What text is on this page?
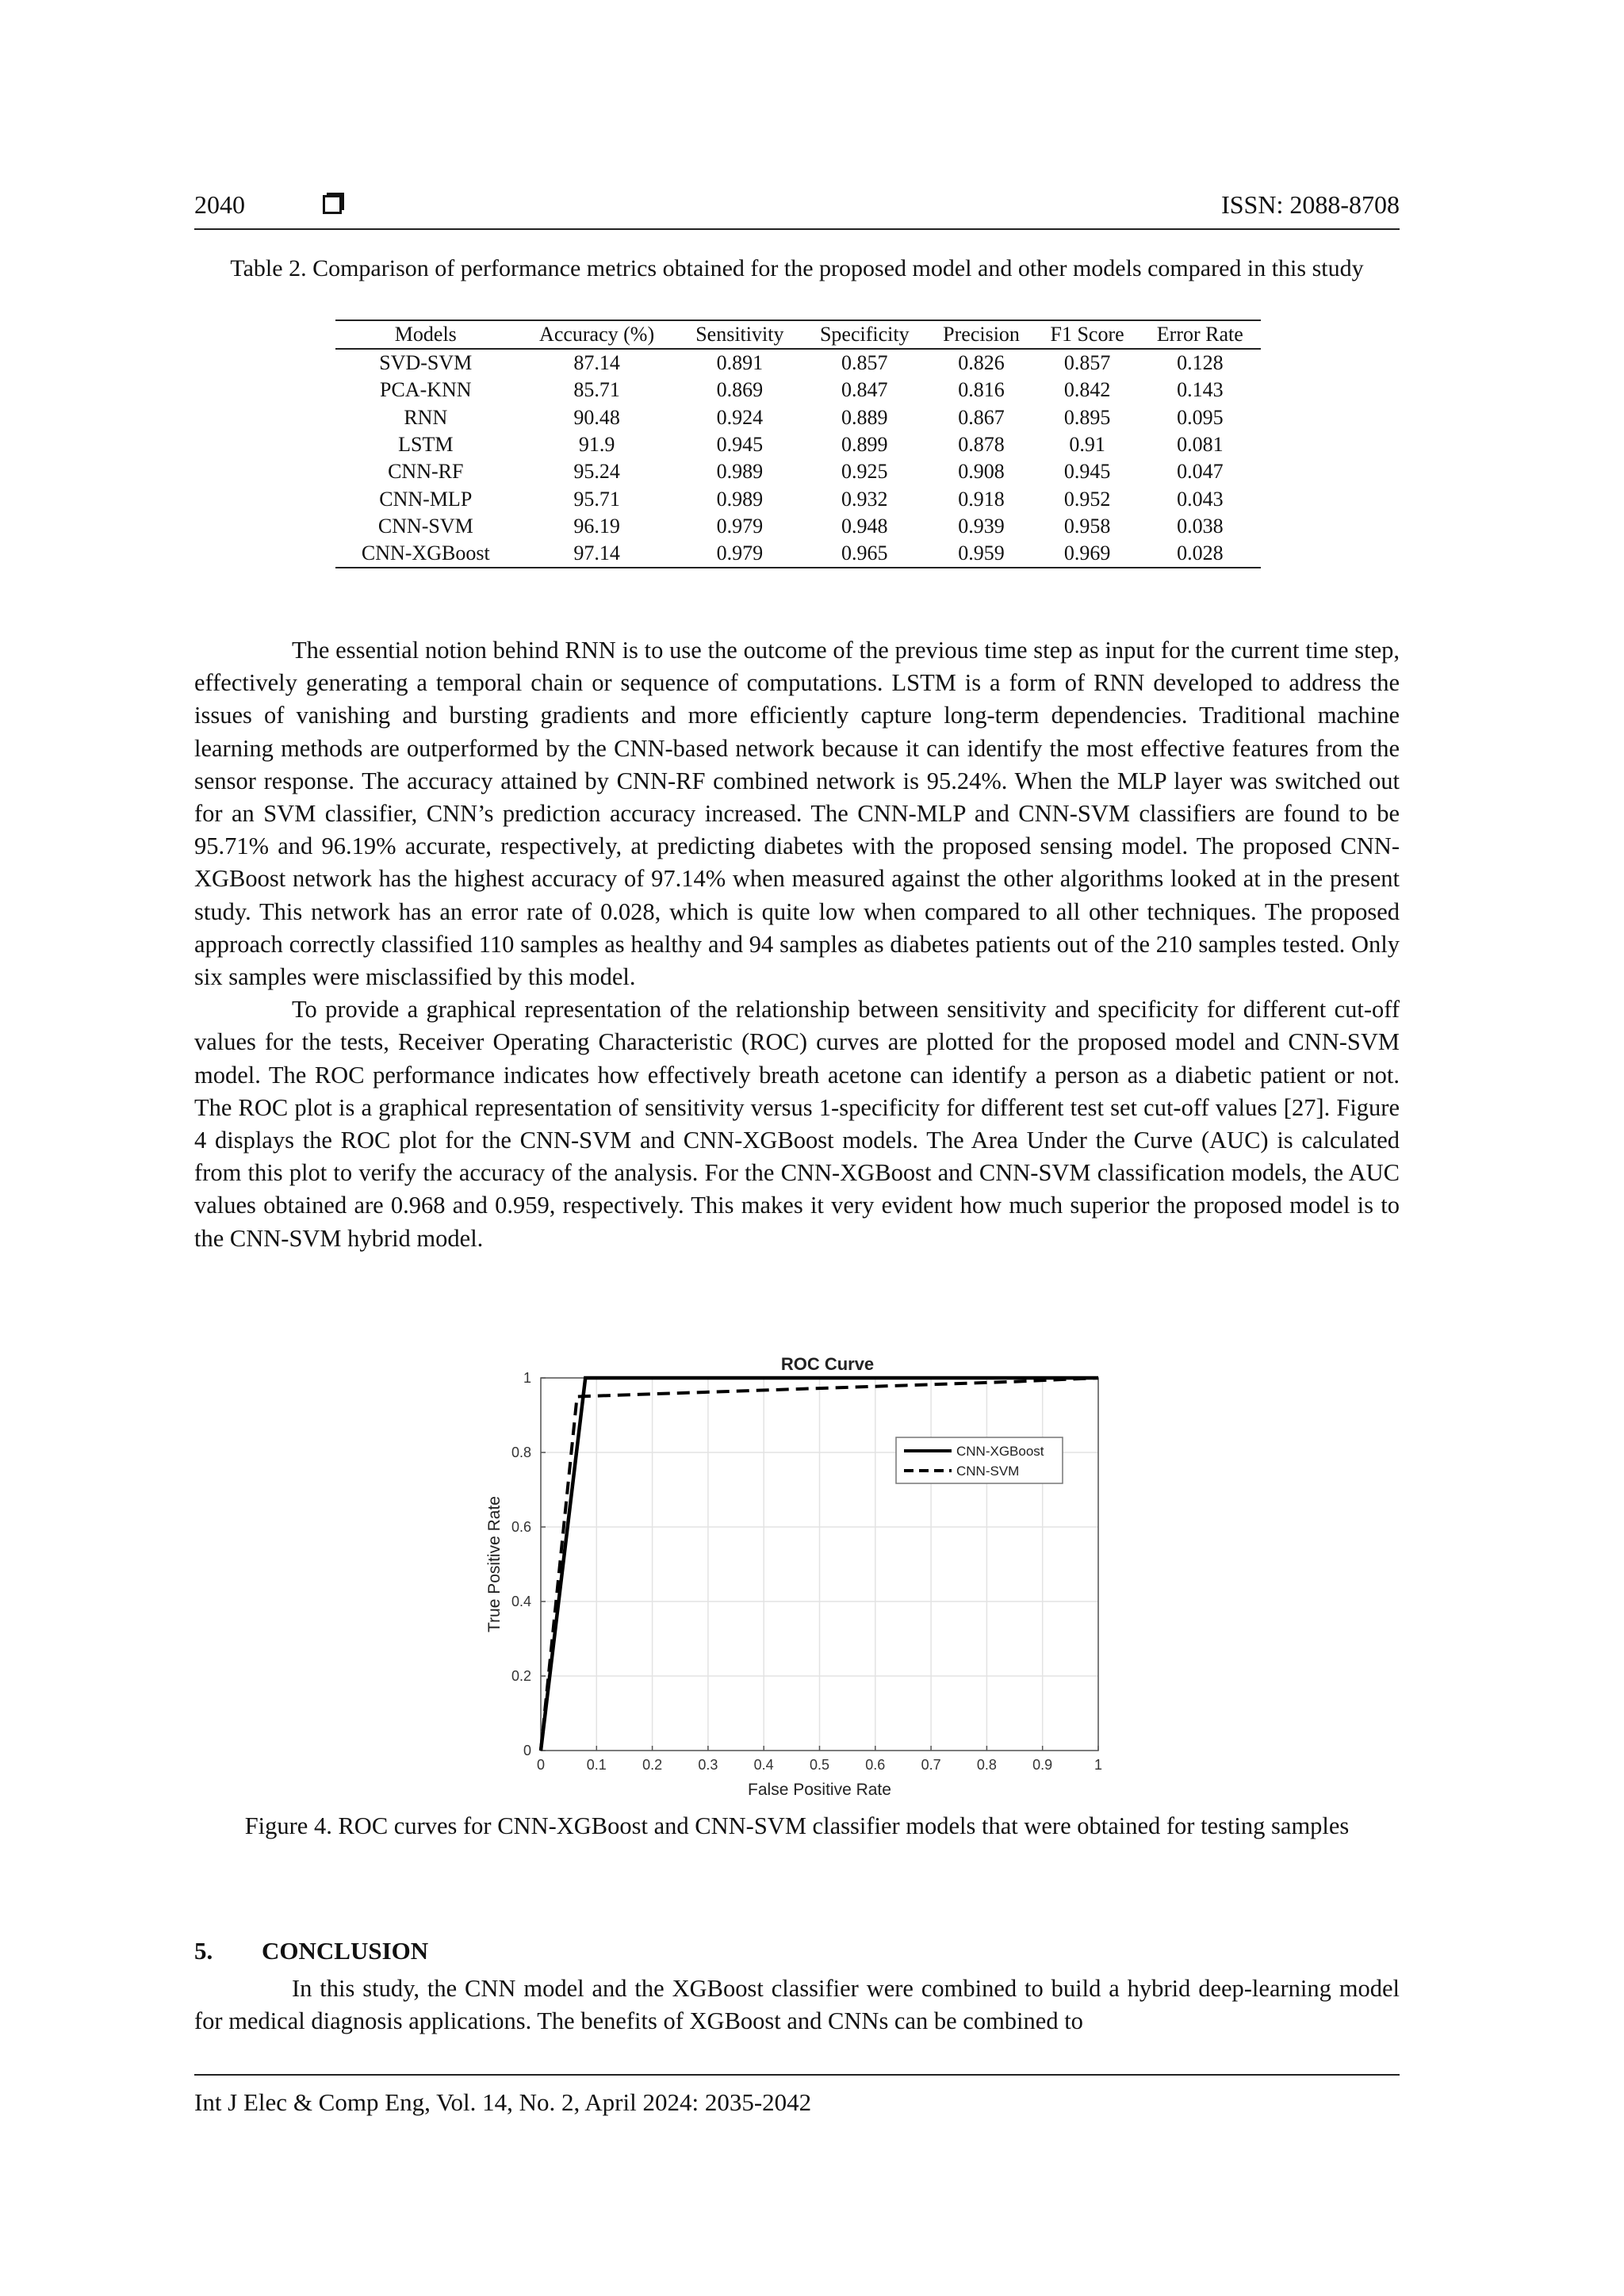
2040	ISSN: 2088-8708
Table 2. Comparison of performance metrics obtained for the proposed model and other models compared in this study
Models	Accuracy (%)	Sensitivity	Specificity	Precision	F1 Score	Error Rate
SVD-SVM	87.14	0.891	0.857	0.826	0.857	0.128
PCA-KNN	85.71	0.869	0.847	0.816	0.842	0.143
RNN	90.48	0.924	0.889	0.867	0.895	0.095
LSTM	91.9	0.945	0.899	0.878	0.91	0.081
CNN-RF	95.24	0.989	0.925	0.908	0.945	0.047
CNN-MLP	95.71	0.989	0.932	0.918	0.952	0.043
CNN-SVM	96.19	0.979	0.948	0.939	0.958	0.038
CNN-XGBoost	97.14	0.979	0.965	0.959	0.969	0.028

The essential notion behind RNN is to use the outcome of the previous time step as input for the current time step, effectively generating a temporal chain or sequence of computations. LSTM is a form of RNN developed to address the issues of vanishing and bursting gradients and more efficiently capture long-term dependencies. Traditional machine learning methods are outperformed by the CNN-based network because it can identify the most effective features from the sensor response. The accuracy attained by CNN-RF combined network is 95.24%. When the MLP layer was switched out for an SVM classifier, CNN’s prediction accuracy increased. The CNN-MLP and CNN-SVM classifiers are found to be 95.71% and 96.19% accurate, respectively, at predicting diabetes with the proposed sensing model. The proposed CNN-XGBoost network has the highest accuracy of 97.14% when measured against the other algorithms looked at in the present study. This network has an error rate of 0.028, which is quite low when compared to all other techniques. The proposed approach correctly classified 110 samples as healthy and 94 samples as diabetes patients out of the 210 samples tested. Only six samples were misclassified by this model.

To provide a graphical representation of the relationship between sensitivity and specificity for different cut-off values for the tests, Receiver Operating Characteristic (ROC) curves are plotted for the proposed model and CNN-SVM model. The ROC performance indicates how effectively breath acetone can identify a person as a diabetic patient or not. The ROC plot is a graphical representation of sensitivity versus 1-specificity for different test set cut-off values [27]. Figure 4 displays the ROC plot for the CNN-SVM and CNN-XGBoost models. The Area Under the Curve (AUC) is calculated from this plot to verify the accuracy of the analysis. For the CNN-XGBoost and CNN-SVM classification models, the AUC values obtained are 0.968 and 0.959, respectively. This makes it very evident how much superior the proposed model is to the CNN-SVM hybrid model.

0	0.1	0.2	0.3	0.4	0.5	0.6	0.7	0.8	0.9	1
0
0.2
0.4
0.6
0.8
1
ROC Curve
False Positive Rate
True Positive Rate
CNN-XGBoost
CNN-SVM
Figure 4. ROC curves for CNN-XGBoost and CNN-SVM classifier models that were obtained for testing samples
5. CONCLUSION

In this study, the CNN model and the XGBoost classifier were combined to build a hybrid deep-learning model for medical diagnosis applications. The benefits of XGBoost and CNNs can be combined to

Int J Elec & Comp Eng, Vol. 14, No. 2, April 2024: 2035-2042
